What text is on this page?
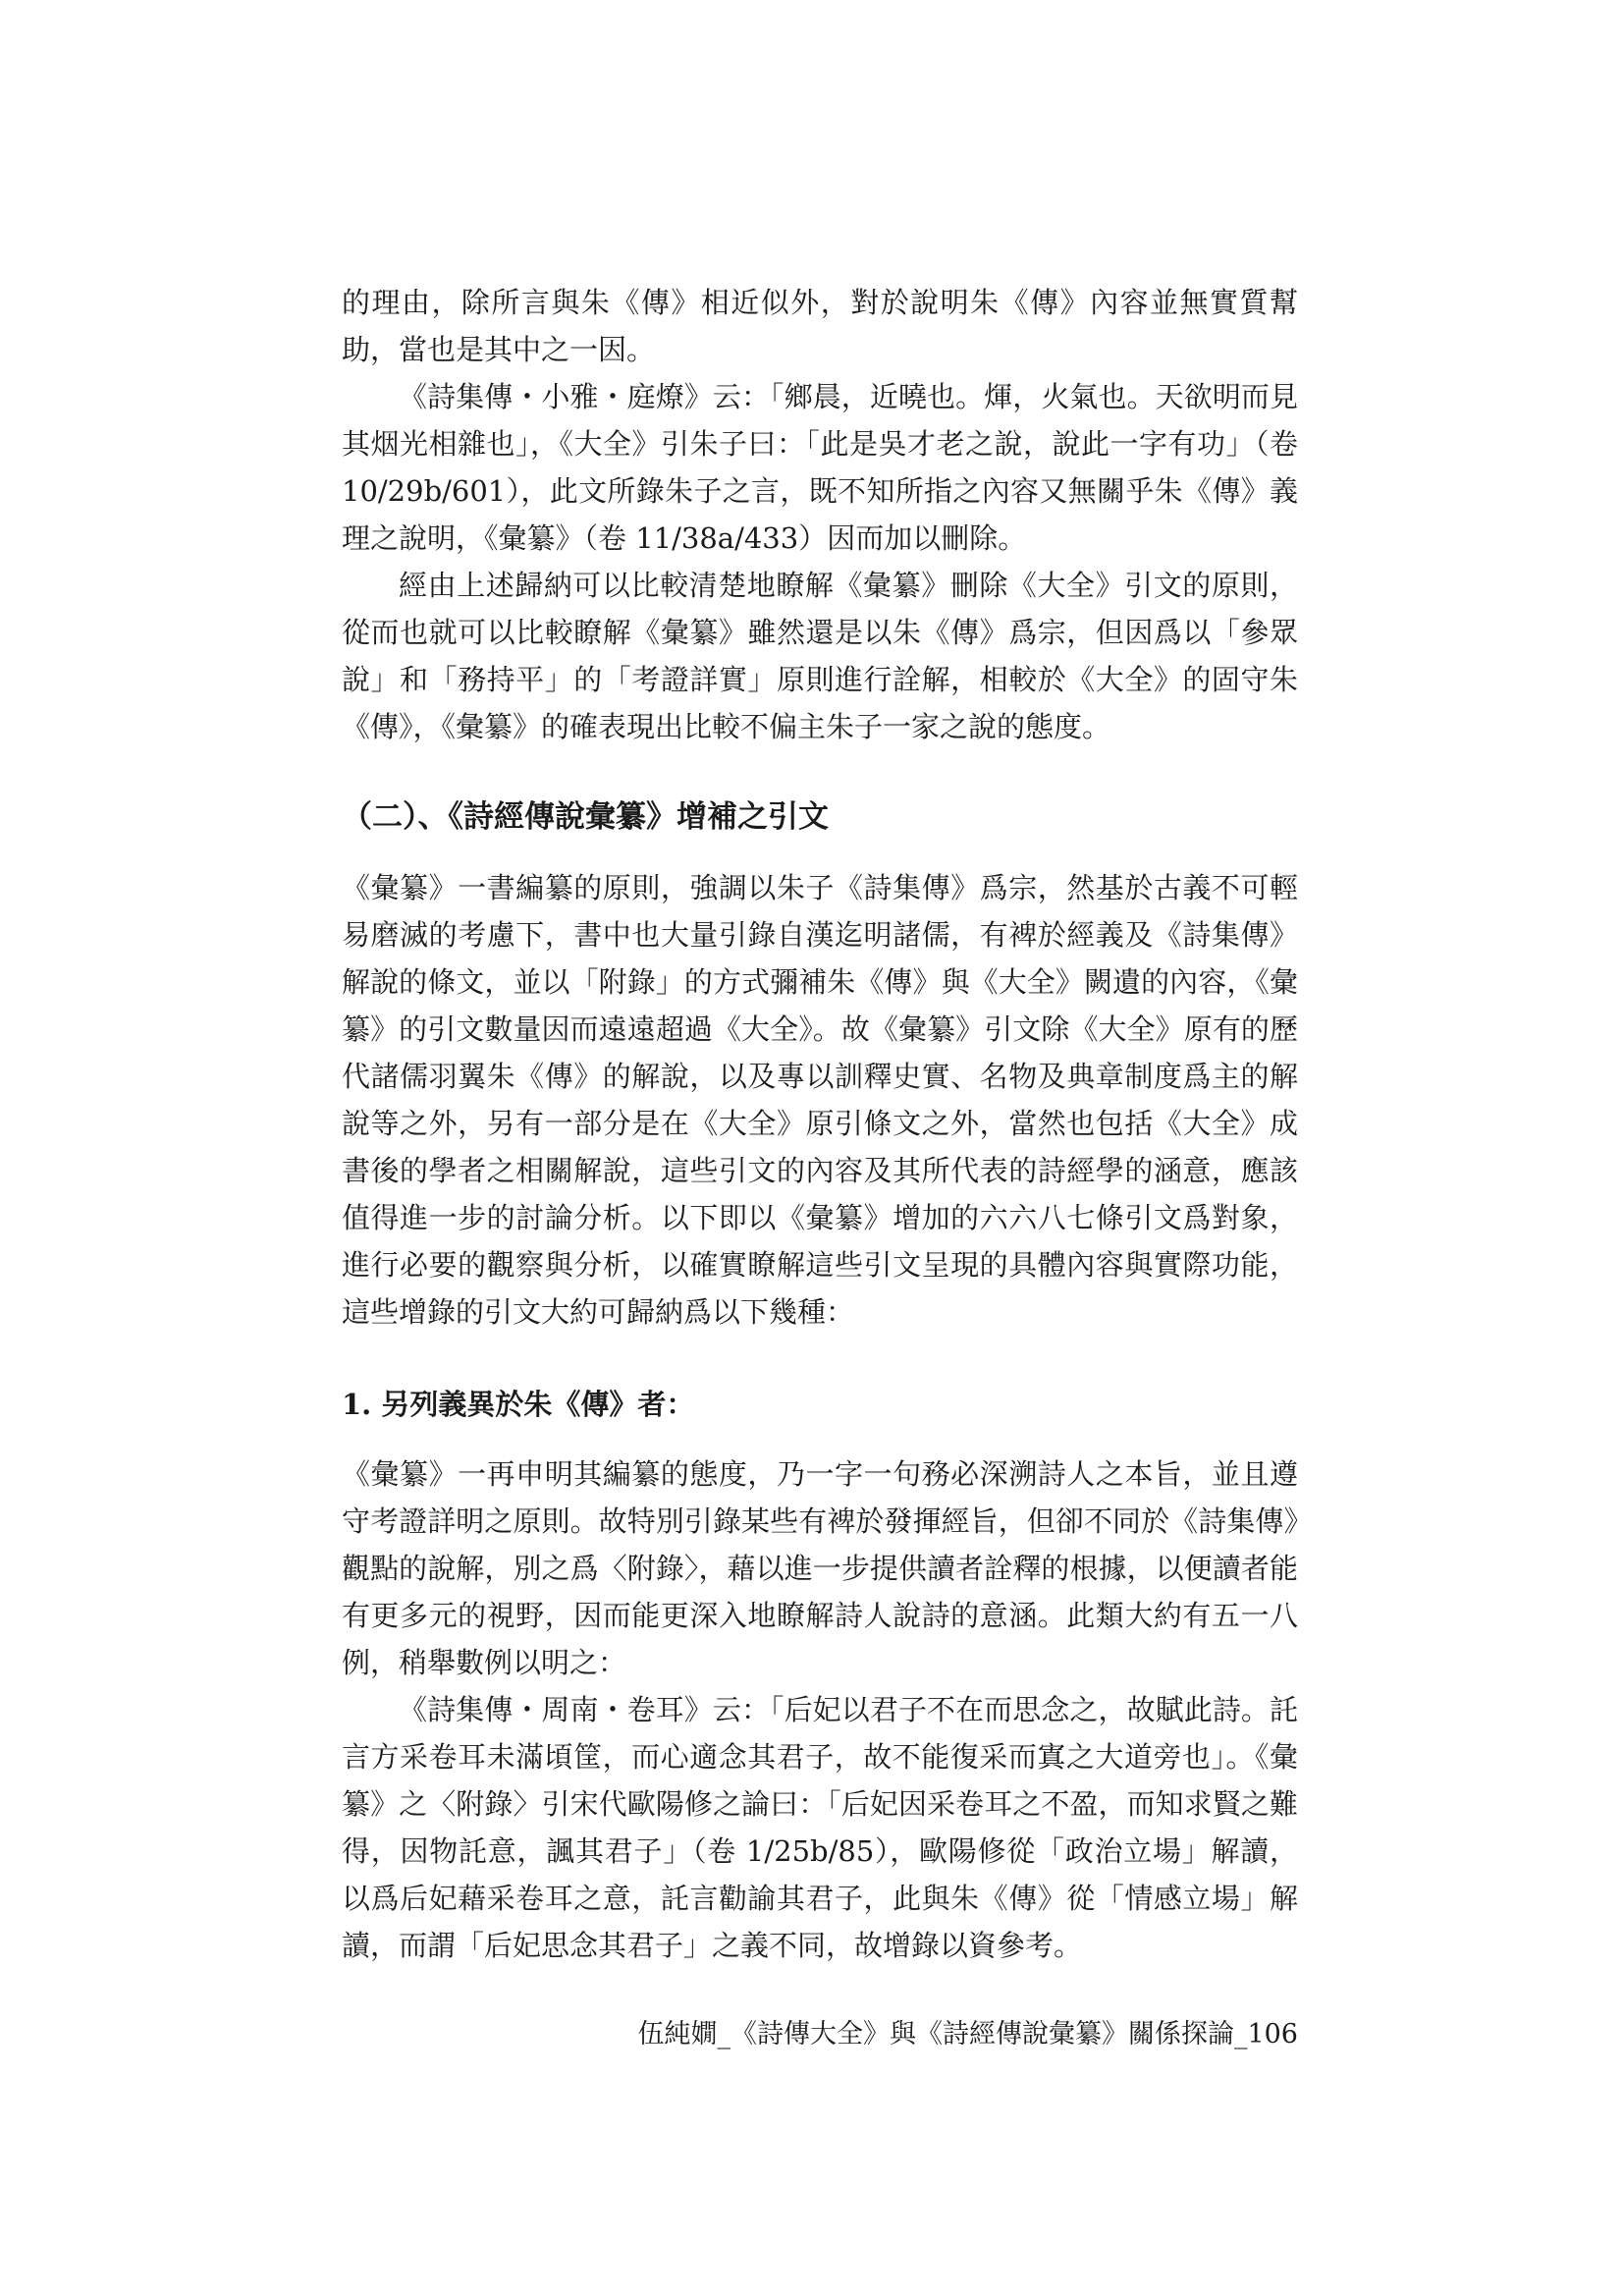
的理由，除所言與朱《傳》相近似外，對於說明朱《傳》內容並無實質幫助，當也是其中之一因。

《詩集傳・小雅・庭燎》云：「鄉晨，近曉也。煇，火氣也。天欲明而見其烟光相雜也」，《大全》引朱子曰：「此是吳才老之說，說此一字有功」（卷10/29b/601），此文所錄朱子之言，既不知所指之內容又無關乎朱《傳》義理之說明，《彙纂》（卷 11/38a/433）因而加以刪除。

經由上述歸納可以比較清楚地瞭解《彙纂》刪除《大全》引文的原則，從而也就可以比較瞭解《彙纂》雖然還是以朱《傳》爲宗，但因爲以「參眾說」和「務持平」的「考證詳實」原則進行詮解，相較於《大全》的固守朱《傳》，《彙纂》的確表現出比較不偏主朱子一家之說的態度。

（二）、《詩經傳說彙纂》增補之引文

《彙纂》一書編纂的原則，強調以朱子《詩集傳》爲宗，然基於古義不可輕易磨滅的考慮下，書中也大量引錄自漢迄明諸儒，有裨於經義及《詩集傳》解說的條文，並以「附錄」的方式彌補朱《傳》與《大全》闕遺的內容，《彙纂》的引文數量因而遠遠超過《大全》。故《彙纂》引文除《大全》原有的歷代諸儒羽翼朱《傳》的解說，以及專以訓釋史實、名物及典章制度爲主的解說等之外，另有一部分是在《大全》原引條文之外，當然也包括《大全》成書後的學者之相關解說，這些引文的內容及其所代表的詩經學的涵意，應該值得進一步的討論分析。以下即以《彙纂》增加的六六八七條引文爲對象，進行必要的觀察與分析，以確實瞭解這些引文呈現的具體內容與實際功能，這些增錄的引文大約可歸納爲以下幾種：

1. 另列義異於朱《傳》者：

《彙纂》一再申明其編纂的態度，乃一字一句務必深溯詩人之本旨，並且遵守考證詳明之原則。故特別引錄某些有裨於發揮經旨，但卻不同於《詩集傳》觀點的說解，別之爲〈附錄〉，藉以進一步提供讀者詮釋的根據，以便讀者能有更多元的視野，因而能更深入地瞭解詩人說詩的意涵。此類大約有五一八例，稍舉數例以明之：

《詩集傳・周南・卷耳》云：「后妃以君子不在而思念之，故賦此詩。託言方采卷耳未滿頃筐，而心適念其君子，故不能復采而寘之大道旁也」。《彙纂》之〈附錄〉引宋代歐陽修之論曰：「后妃因采卷耳之不盈，而知求賢之難得，因物託意，諷其君子」（卷 1/25b/85），歐陽修從「政治立場」解讀，以爲后妃藉采卷耳之意，託言勸諭其君子，此與朱《傳》從「情感立場」解讀，而謂「后妃思念其君子」之義不同，故增錄以資參考。

伍純嫺_《詩傳大全》與《詩經傳說彙纂》關係探論_106
